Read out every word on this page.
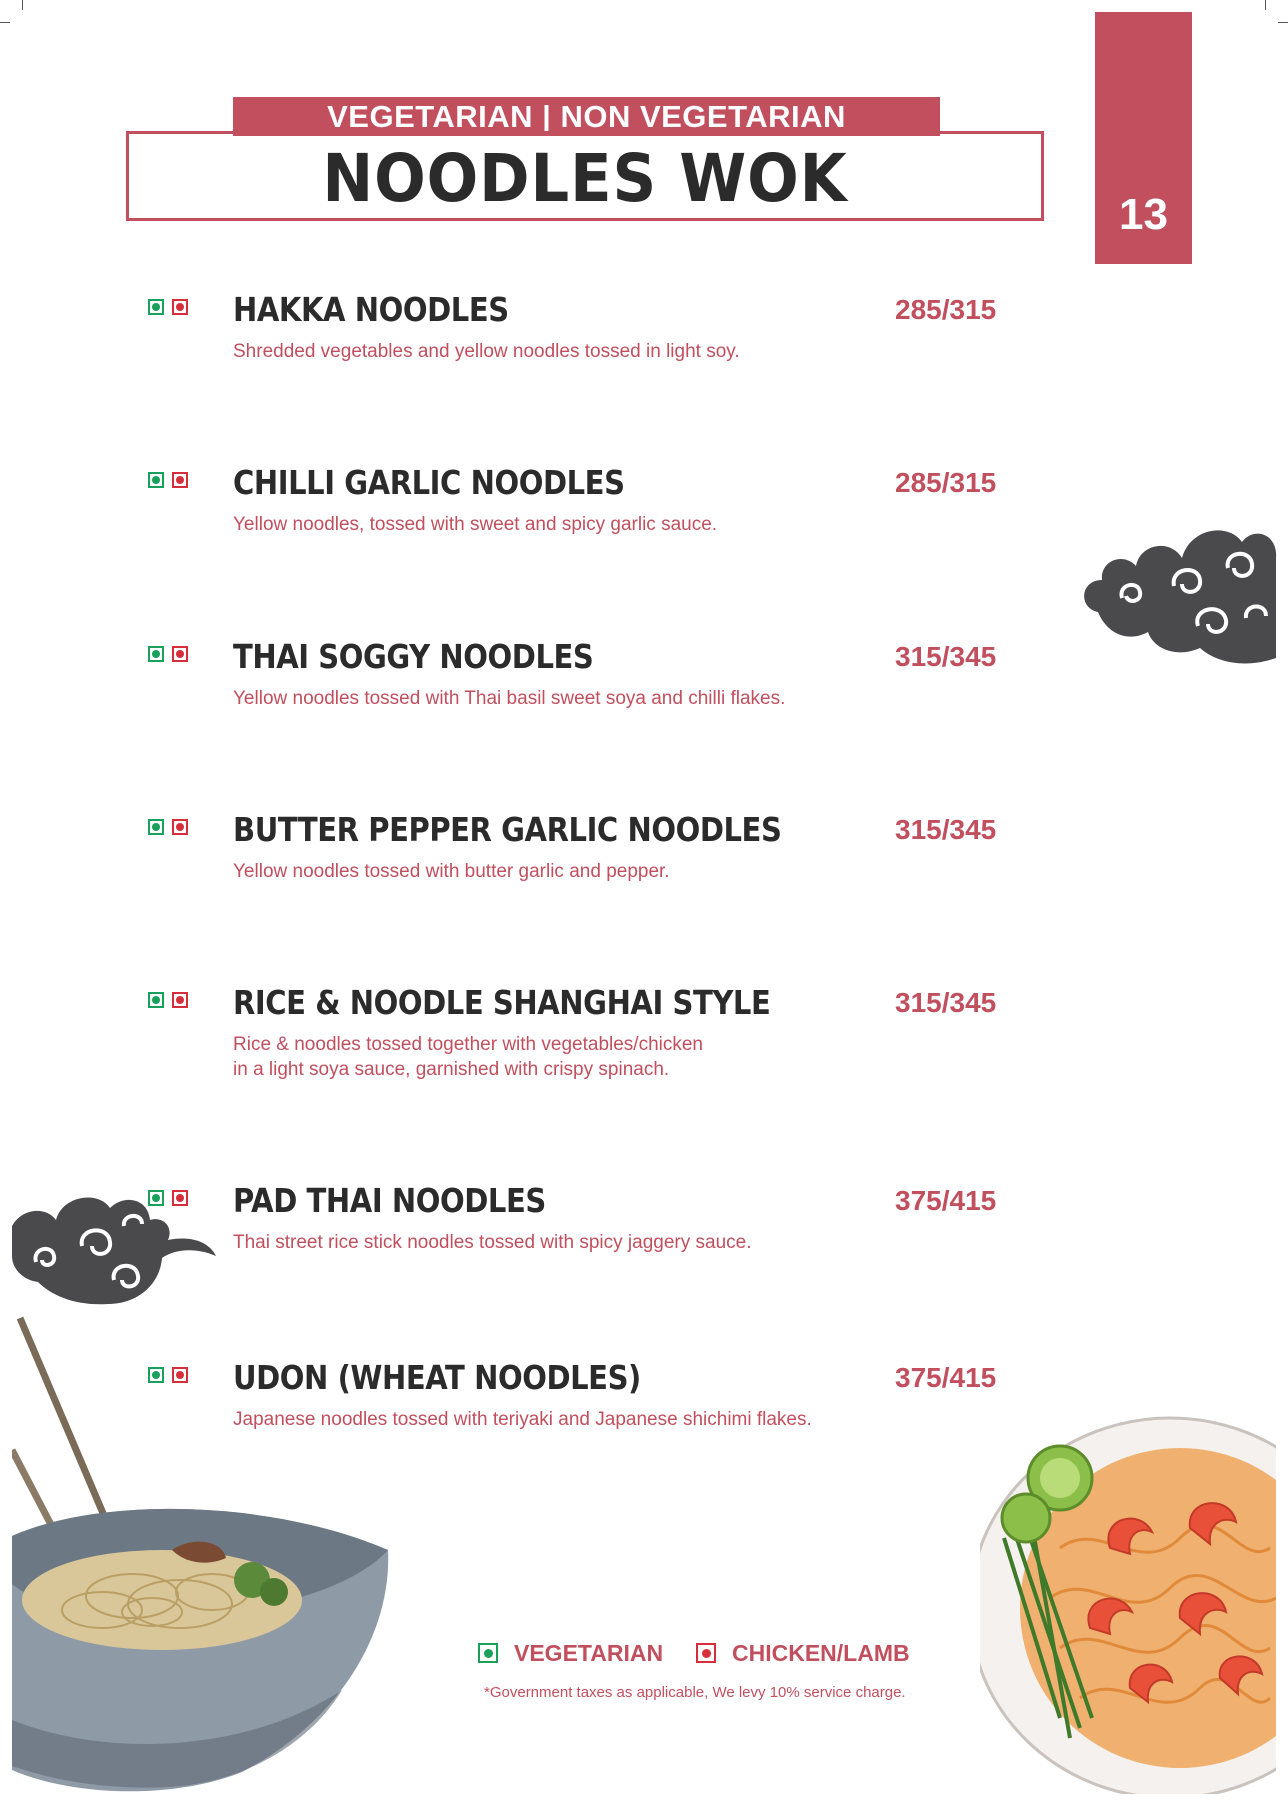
13
VEGETARIAN | NON VEGETARIAN
NOODLES WOK
HAKKA NOODLES
Shredded vegetables and yellow noodles tossed in light soy.
285/315
CHILLI GARLIC NOODLES
Yellow noodles, tossed with sweet and spicy garlic sauce.
285/315
THAI SOGGY NOODLES
Yellow noodles tossed with Thai basil sweet soya and chilli flakes.
315/345
BUTTER PEPPER GARLIC NOODLES
Yellow noodles tossed with butter garlic and pepper.
315/345
RICE & NOODLE SHANGHAI STYLE
Rice & noodles tossed together with vegetables/chicken
in a light soya sauce, garnished with crispy spinach.
315/345
PAD THAI NOODLES
Thai street rice stick noodles tossed with spicy jaggery sauce.
375/415
UDON (WHEAT NOODLES)
Japanese noodles tossed with teriyaki and Japanese shichimi flakes.
375/415
VEGETARIAN	CHICKEN/LAMB
*Government taxes as applicable, We levy 10% service charge.
